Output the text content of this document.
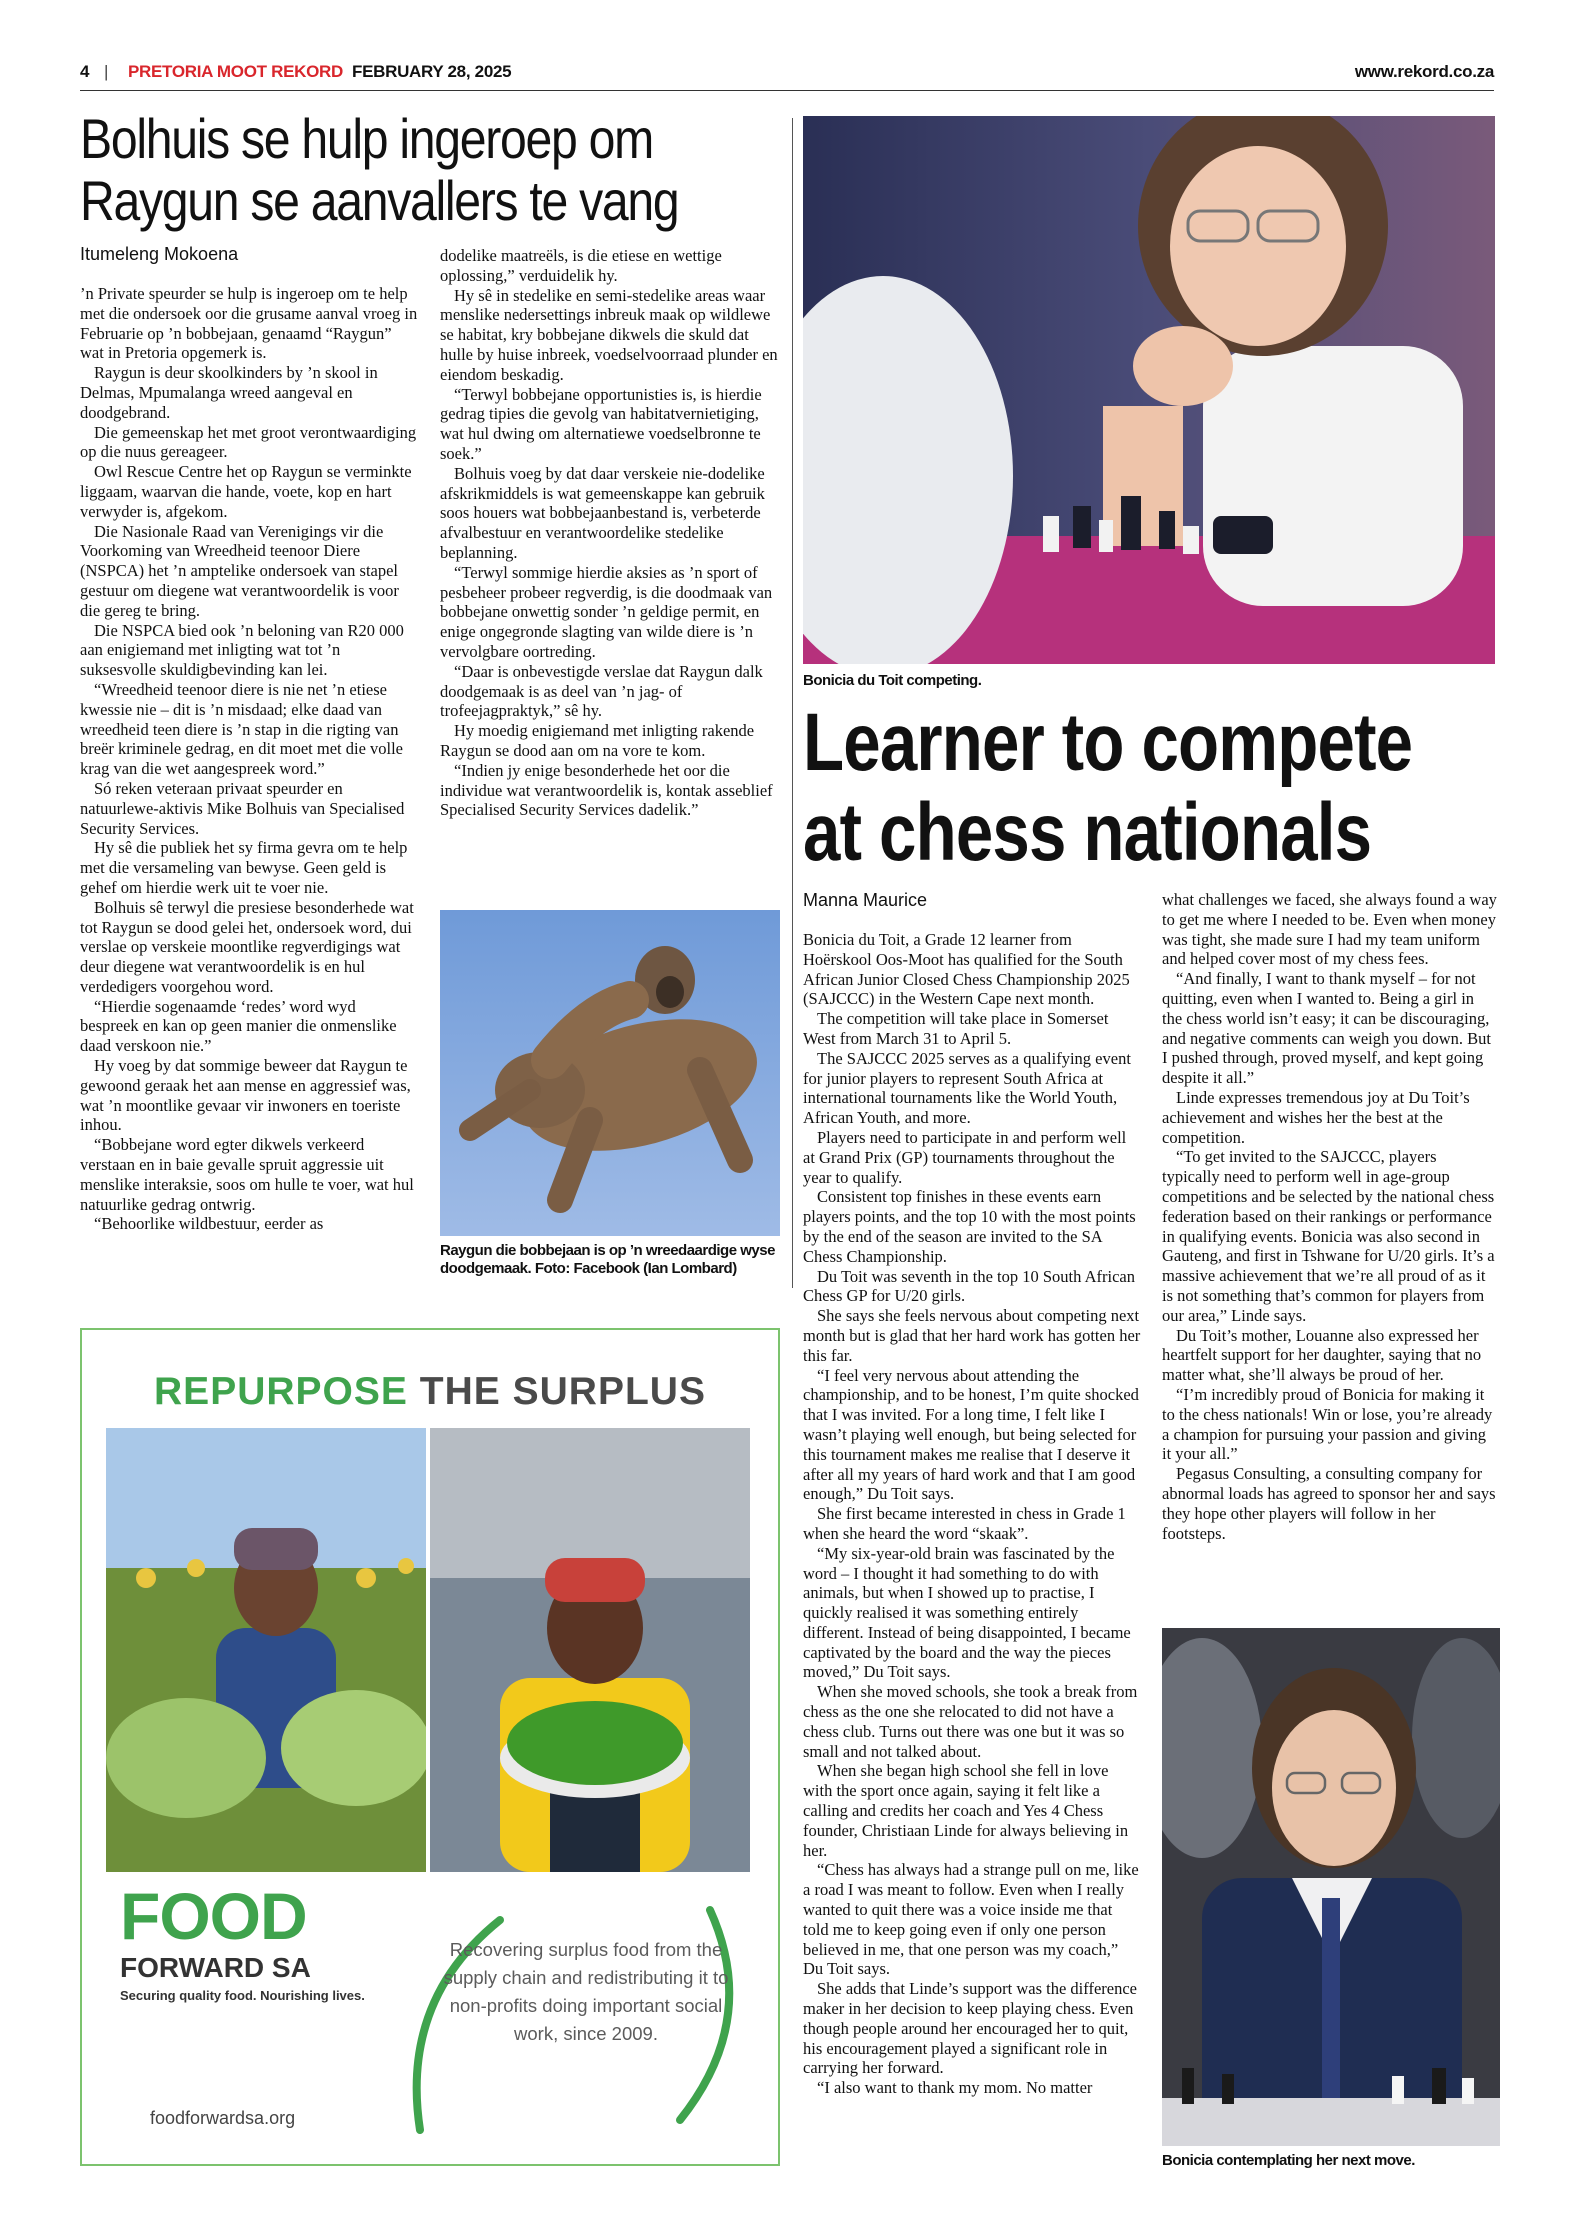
4 | PRETORIA MOOT REKORD FEBRUARY 28, 2025	www.rekord.co.za
Bolhuis se hulp ingeroep om
Raygun se aanvallers te vang
Itumeleng Mokoena

’n Private speurder se hulp is ingeroep om te help met die ondersoek oor die grusame aanval vroeg in Februarie op ’n bobbejaan, genaamd “Raygun” wat in Pretoria opgemerk is.

Raygun is deur skoolkinders by ’n skool in Delmas, Mpumalanga wreed aangeval en doodgebrand.

Die gemeenskap het met groot verontwaardiging op die nuus gereageer.

Owl Rescue Centre het op Raygun se verminkte liggaam, waarvan die hande, voete, kop en hart verwyder is, afgekom.

Die Nasionale Raad van Verenigings vir die Voorkoming van Wreedheid teenoor Diere (NSPCA) het ’n amptelike ondersoek van stapel gestuur om diegene wat verantwoordelik is voor die gereg te bring.

Die NSPCA bied ook ’n beloning van R20 000 aan enigiemand met inligting wat tot ’n suksesvolle skuldigbevinding kan lei.

“Wreedheid teenoor diere is nie net ’n etiese kwessie nie – dit is ’n misdaad; elke daad van wreedheid teen diere is ’n stap in die rigting van breër kriminele gedrag, en dit moet met die volle krag van die wet aangespreek word.”

Só reken veteraan privaat speurder en natuurlewe-aktivis Mike Bolhuis van Specialised Security Services.

Hy sê die publiek het sy firma gevra om te help met die versameling van bewyse. Geen geld is gehef om hierdie werk uit te voer nie.

Bolhuis sê terwyl die presiese besonderhede wat tot Raygun se dood gelei het, ondersoek word, dui verslae op verskeie moontlike regverdigings wat deur diegene wat verantwoordelik is en hul verdedigers voorgehou word.

“Hierdie sogenaamde ‘redes’ word wyd bespreek en kan op geen manier die onmenslike daad verskoon nie.”

Hy voeg by dat sommige beweer dat Raygun te gewoond geraak het aan mense en aggressief was, wat ’n moontlike gevaar vir inwoners en toeriste inhou.

“Bobbejane word egter dikwels verkeerd verstaan en in baie gevalle spruit aggressie uit menslike interaksie, soos om hulle te voer, wat hul natuurlike gedrag ontwrig.

“Behoorlike wildbestuur, eerder as

dodelike maatreëls, is die etiese en wettige oplossing,” verduidelik hy.

Hy sê in stedelike en semi-stedelike areas waar menslike nedersettings inbreuk maak op wildlewe se habitat, kry bobbejane dikwels die skuld dat hulle by huise inbreek, voedselvoorraad plunder en eiendom beskadig.

“Terwyl bobbejane opportunisties is, is hierdie gedrag tipies die gevolg van habitatvernietiging, wat hul dwing om alternatiewe voedselbronne te soek.”

Bolhuis voeg by dat daar verskeie nie-dodelike afskrikmiddels is wat gemeenskappe kan gebruik soos houers wat bobbejaanbestand is, verbeterde afvalbestuur en verantwoordelike stedelike beplanning.

“Terwyl sommige hierdie aksies as ’n sport of pesbeheer probeer regverdig, is die doodmaak van bobbejane onwettig sonder ’n geldige permit, en enige ongegronde slagting van wilde diere is ’n vervolgbare oortreding.

“Daar is onbevestigde verslae dat Raygun dalk doodgemaak is as deel van ’n jag- of trofeejagpraktyk,” sê hy.

Hy moedig enigiemand met inligting rakende Raygun se dood aan om na vore te kom.

“Indien jy enige besonderhede het oor die individue wat verantwoordelik is, kontak asseblief Specialised Security Services dadelik.”

Raygun die bobbejaan is op ’n wreedaardige wyse doodgemaak. Foto: Facebook (Ian Lombard)
Bonicia du Toit competing.
Learner to compete
at chess nationals
Manna Maurice

Bonicia du Toit, a Grade 12 learner from Hoërskool Oos-Moot has qualified for the South African Junior Closed Chess Championship 2025 (SAJCCC) in the Western Cape next month.

The competition will take place in Somerset West from March 31 to April 5.

The SAJCCC 2025 serves as a qualifying event for junior players to represent South Africa at international tournaments like the World Youth, African Youth, and more.

Players need to participate in and perform well at Grand Prix (GP) tournaments throughout the year to qualify.

Consistent top finishes in these events earn players points, and the top 10 with the most points by the end of the season are invited to the SA Chess Championship.

Du Toit was seventh in the top 10 South African Chess GP for U/20 girls.

She says she feels nervous about competing next month but is glad that her hard work has gotten her this far.

“I feel very nervous about attending the championship, and to be honest, I’m quite shocked that I was invited. For a long time, I felt like I wasn’t playing well enough, but being selected for this tournament makes me realise that I deserve it after all my years of hard work and that I am good enough,” Du Toit says.

She first became interested in chess in Grade 1 when she heard the word “skaak”.

“My six-year-old brain was fascinated by the word – I thought it had something to do with animals, but when I showed up to practise, I quickly realised it was something entirely different. Instead of being disappointed, I became captivated by the board and the way the pieces moved,” Du Toit says.

When she moved schools, she took a break from chess as the one she relocated to did not have a chess club. Turns out there was one but it was so small and not talked about.

When she began high school she fell in love with the sport once again, saying it felt like a calling and credits her coach and Yes 4 Chess founder, Christiaan Linde for always believing in her.

“Chess has always had a strange pull on me, like a road I was meant to follow. Even when I really wanted to quit there was a voice inside me that told me to keep going even if only one person believed in me, that one person was my coach,” Du Toit says.

She adds that Linde’s support was the difference maker in her decision to keep playing chess. Even though people around her encouraged her to quit, his encouragement played a significant role in carrying her forward.

“I also want to thank my mom. No matter

what challenges we faced, she always found a way to get me where I needed to be. Even when money was tight, she made sure I had my team uniform and helped cover most of my chess fees.

“And finally, I want to thank myself – for not quitting, even when I wanted to. Being a girl in the chess world isn’t easy; it can be discouraging, and negative comments can weigh you down. But I pushed through, proved myself, and kept going despite it all.”

Linde expresses tremendous joy at Du Toit’s achievement and wishes her the best at the competition.

“To get invited to the SAJCCC, players typically need to perform well in age-group competitions and be selected by the national chess federation based on their rankings or performance in qualifying events. Bonicia was also second in Gauteng, and first in Tshwane for U/20 girls. It’s a massive achievement that we’re all proud of as it is not something that’s common for players from our area,” Linde says.

Du Toit’s mother, Louanne also expressed her heartfelt support for her daughter, saying that no matter what, she’ll always be proud of her.

“I’m incredibly proud of Bonicia for making it to the chess nationals! Win or lose, you’re already a champion for pursuing your passion and giving it your all.”

Pegasus Consulting, a consulting company for abnormal loads has agreed to sponsor her and says they hope other players will follow in her footsteps.

Bonicia contemplating her next move.
REPURPOSE THE SURPLUS
FOOD
FORWARD SA
Securing quality food. Nourishing lives.
foodforwardsa.org
Recovering surplus food from the supply chain and redistributing it to non-profits doing important social work, since 2009.
